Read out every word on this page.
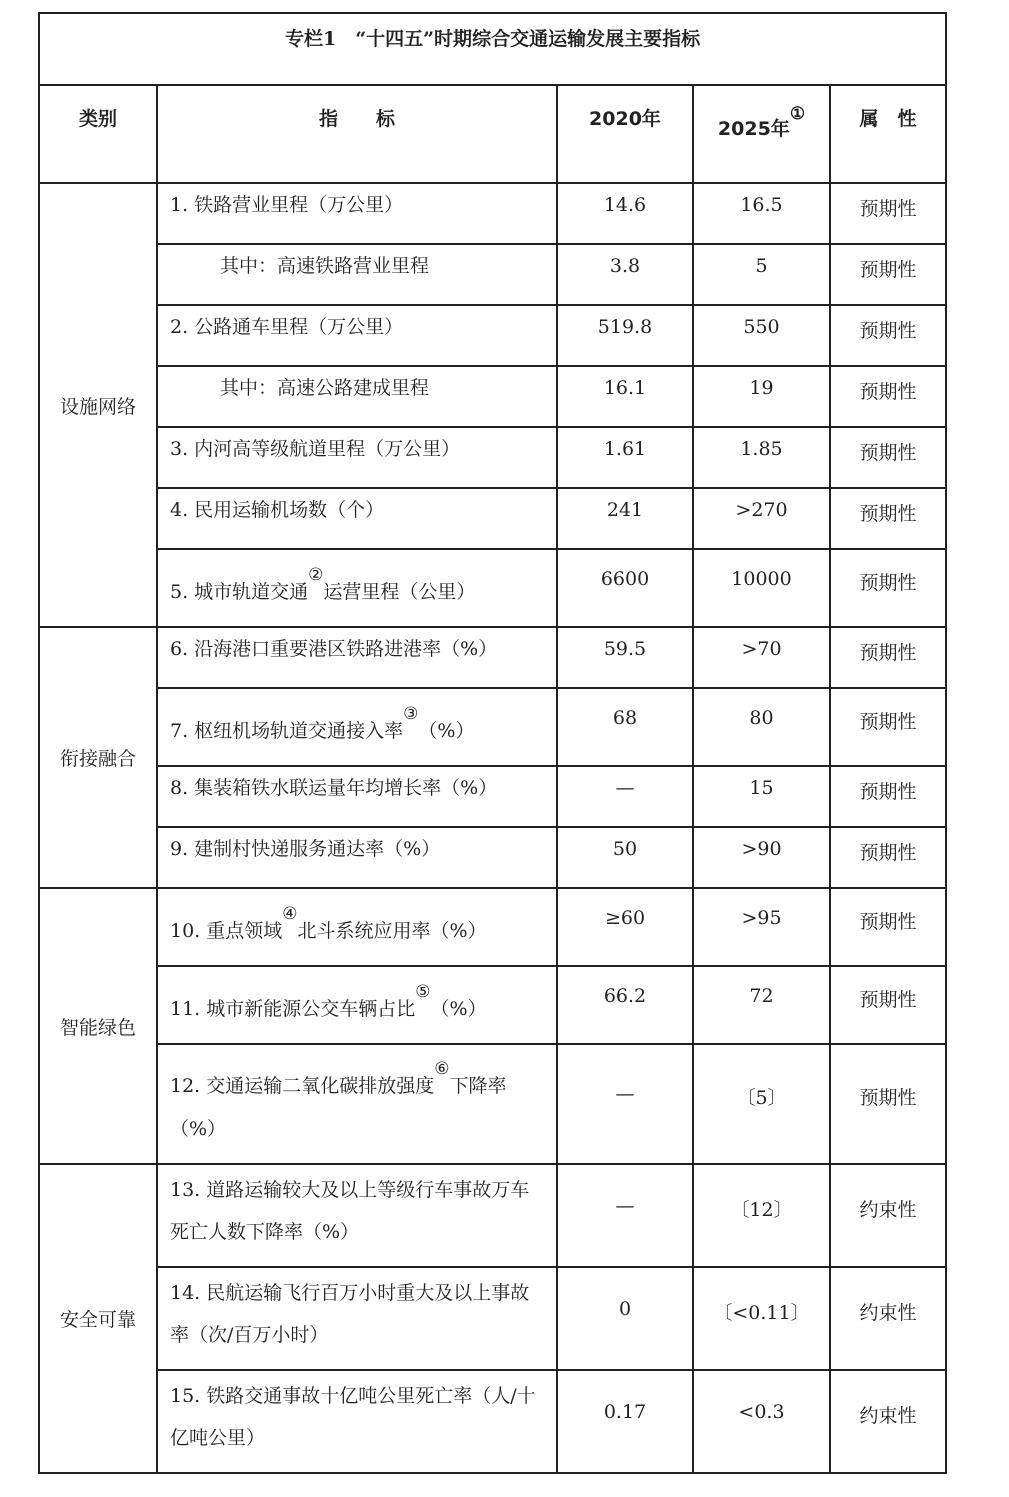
专栏1　“十四五”时期综合交通运输发展主要指标				
类别	指　　标	2020年	2025年①	属　性
设施网络	1. 铁路营业里程（万公里）	14.6	16.5	预期性
	其中：高速铁路营业里程	3.8	5	预期性
	2. 公路通车里程（万公里）	519.8	550	预期性
	其中：高速公路建成里程	16.1	19	预期性
	3. 内河高等级航道里程（万公里）	1.61	1.85	预期性
	4. 民用运输机场数（个）	241	>270	预期性
	5. 城市轨道交通②运营里程（公里）	6600	10000	预期性
衔接融合	6. 沿海港口重要港区铁路进港率（%）	59.5	>70	预期性
	7. 枢纽机场轨道交通接入率③（%）	68	80	预期性
	8. 集装箱铁水联运量年均增长率（%）	—	15	预期性
	9. 建制村快递服务通达率（%）	50	>90	预期性
智能绿色	10. 重点领域④北斗系统应用率（%）	≥60	>95	预期性
	11. 城市新能源公交车辆占比⑤（%）	66.2	72	预期性
	12. 交通运输二氧化碳排放强度⑥下降率（%）	—	〔5〕	预期性
安全可靠	13. 道路运输较大及以上等级行车事故万车死亡人数下降率（%）	—	〔12〕	约束性
	14. 民航运输飞行百万小时重大及以上事故率（次/百万小时）	0	〔<0.11〕	约束性
	15. 铁路交通事故十亿吨公里死亡率（人/十亿吨公里）	0.17	<0.3	约束性
